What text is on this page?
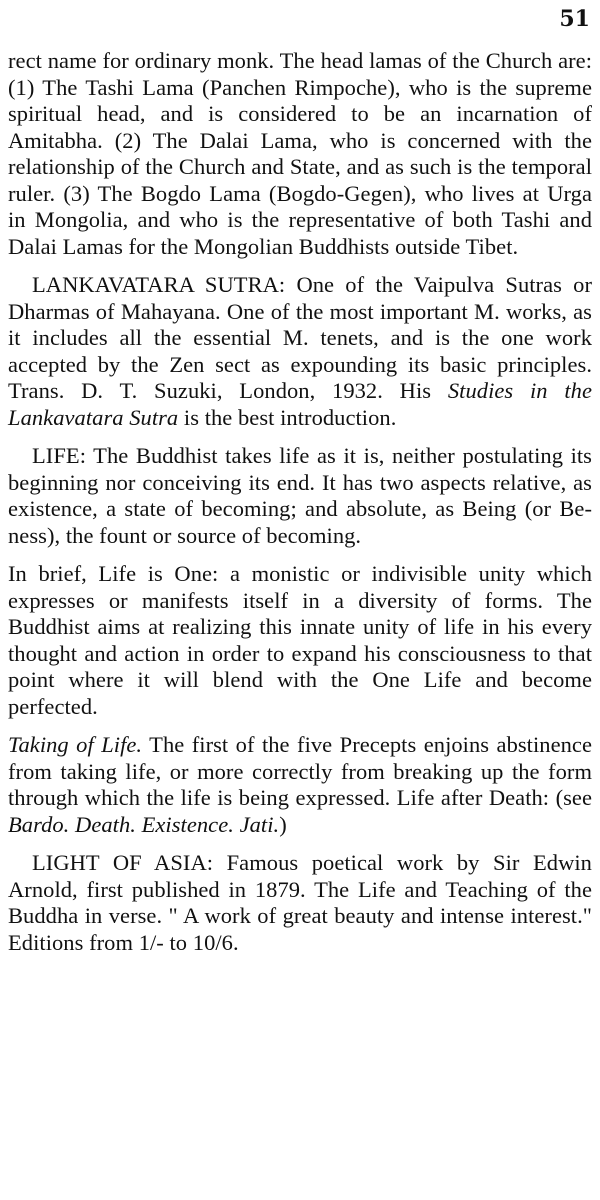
51

rect name for ordinary monk. The head lamas of the Church are: (1) The Tashi Lama (Panchen Rimpoche), who is the supreme spiritual head, and is considered to be an incarnation of Amitabha. (2) The Dalai Lama, who is concerned with the relationship of the Church and State, and as such is the temporal ruler. (3) The Bogdo Lama (Bogdo-Gegen), who lives at Urga in Mongolia, and who is the representative of both Tashi and Dalai Lamas for the Mongolian Buddhists outside Tibet.

LANKAVATARA SUTRA: One of the Vaipulva Sutras or Dharmas of Mahayana. One of the most important M. works, as it includes all the essential M. tenets, and is the one work accepted by the Zen sect as expounding its basic principles. Trans. D. T. Suzuki, London, 1932. His Studies in the Lankavatara Sutra is the best introduction.

LIFE: The Buddhist takes life as it is, neither postulating its beginning nor conceiving its end. It has two aspects relative, as existence, a state of becoming; and absolute, as Being (or Be-ness), the fount or source of becoming.

In brief, Life is One: a monistic or indivisible unity which expresses or manifests itself in a diversity of forms. The Buddhist aims at realizing this innate unity of life in his every thought and action in order to expand his consciousness to that point where it will blend with the One Life and become perfected.

Taking of Life. The first of the five Precepts enjoins abstinence from taking life, or more correctly from breaking up the form through which the life is being expressed. Life after Death: (see Bardo. Death. Existence. Jati.)

LIGHT OF ASIA: Famous poetical work by Sir Edwin Arnold, first published in 1879. The Life and Teaching of the Buddha in verse. " A work of great beauty and intense interest." Editions from 1/- to 10/6.
